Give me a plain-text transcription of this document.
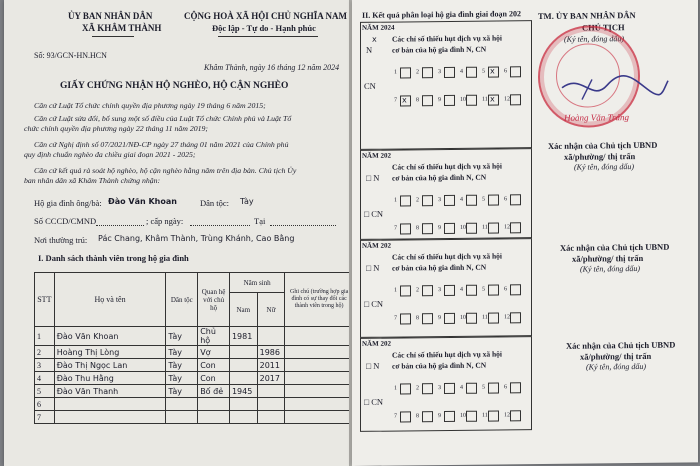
ỦY BAN NHÂN DÂN
XÃ KHÂM THÀNH
CỘNG HOÀ XÃ HỘI CHỦ NGHĨA NAM
Độc lập - Tự do - Hạnh phúc
Số: 93/GCN-HN.HCN
Khâm Thành, ngày 16 tháng 12 năm 2024
GIẤY CHỨNG NHẬN HỘ NGHÈO, HỘ CẬN NGHÈO
Căn cứ Luật Tổ chức chính quyền địa phương ngày 19 tháng 6 năm 2015;
Căn cứ Luật sửa đổi, bổ sung một số điều của Luật Tổ chức Chính phủ và Luật Tổ
chức chính quyền địa phương ngày 22 tháng 11 năm 2019;
Căn cứ Nghị định số 07/2021/NĐ-CP ngày 27 tháng 01 năm 2021 của Chính phủ
quy định chuẩn nghèo đa chiều giai đoạn 2021 - 2025;
Căn cứ kết quả rà soát hộ nghèo, hộ cận nghèo hằng năm trên địa bàn. Chủ tịch Ủy
ban nhân dân xã Khâm Thành chứng nhận:
Hộ gia đình ông/bà: Đào Văn Khoan	Dân tộc: Tày
Số CCCD/CMND	; cấp ngày:	Tại
Nơi thường trú: Pác Chang, Khâm Thành, Trùng Khánh, Cao Bằng
I. Danh sách thành viên trong hộ gia đình
STT	Họ và tên	Dân tộc	Quan hệ với chủ hộ	Năm sinh		Ghi chú (trường hợp gia đình có sự thay đổi các thành viên trong hộ)
				Nam	Nữ	
1	Đào Văn Khoan	Tày	Chủ hộ	1981		
2	Hoàng Thị Lòng	Tày	Vợ		1986	
3	Đào Thị Ngọc Lan	Tày	Con		2011	
4	Đào Thu Hằng	Tày	Con		2017	
5	Đào Văn Thanh	Tày	Bố đẻ	1945		
6						
7						
II. Kết quả phân loại hộ gia đình giai đoạn 202
NĂM 2024
Các chỉ số thiếu hụt dịch vụ xã hội
cơ bản của hộ gia đình N, CN
N
CN
1	2	3	4	5	6
7	8	9	10	11	12
x
x	x
x
NĂM 202
Các chỉ số thiếu hụt dịch vụ xã hội
cơ bản của hộ gia đình N, CN
□ N
□ CN
1	2	3	4	5	6
7	8	9	10	11	12
NĂM 202
Các chỉ số thiếu hụt dịch vụ xã hội
cơ bản của hộ gia đình N, CN
□ N
□ CN
1	2	3	4	5	6
7	8	9	10	11	12
NĂM 202
Các chỉ số thiếu hụt dịch vụ xã hội
cơ bản của hộ gia đình N, CN
□ N
□ CN
1	2	3	4	5	6
7	8	9	10	11	12
TM. ỦY BAN NHÂN DÂN
CHỦ TỊCH
(Ký tên, đóng dấu)
Hoàng Văn Tráng
Xác nhận của Chủ tịch UBND
xã/phường/ thị trấn
(Ký tên, đóng dấu)
Xác nhận của Chủ tịch UBND
xã/phường/ thị trấn
(Ký tên, đóng dấu)
Xác nhận của Chủ tịch UBND
xã/phường/ thị trấn
(Ký tên, đóng dấu)
